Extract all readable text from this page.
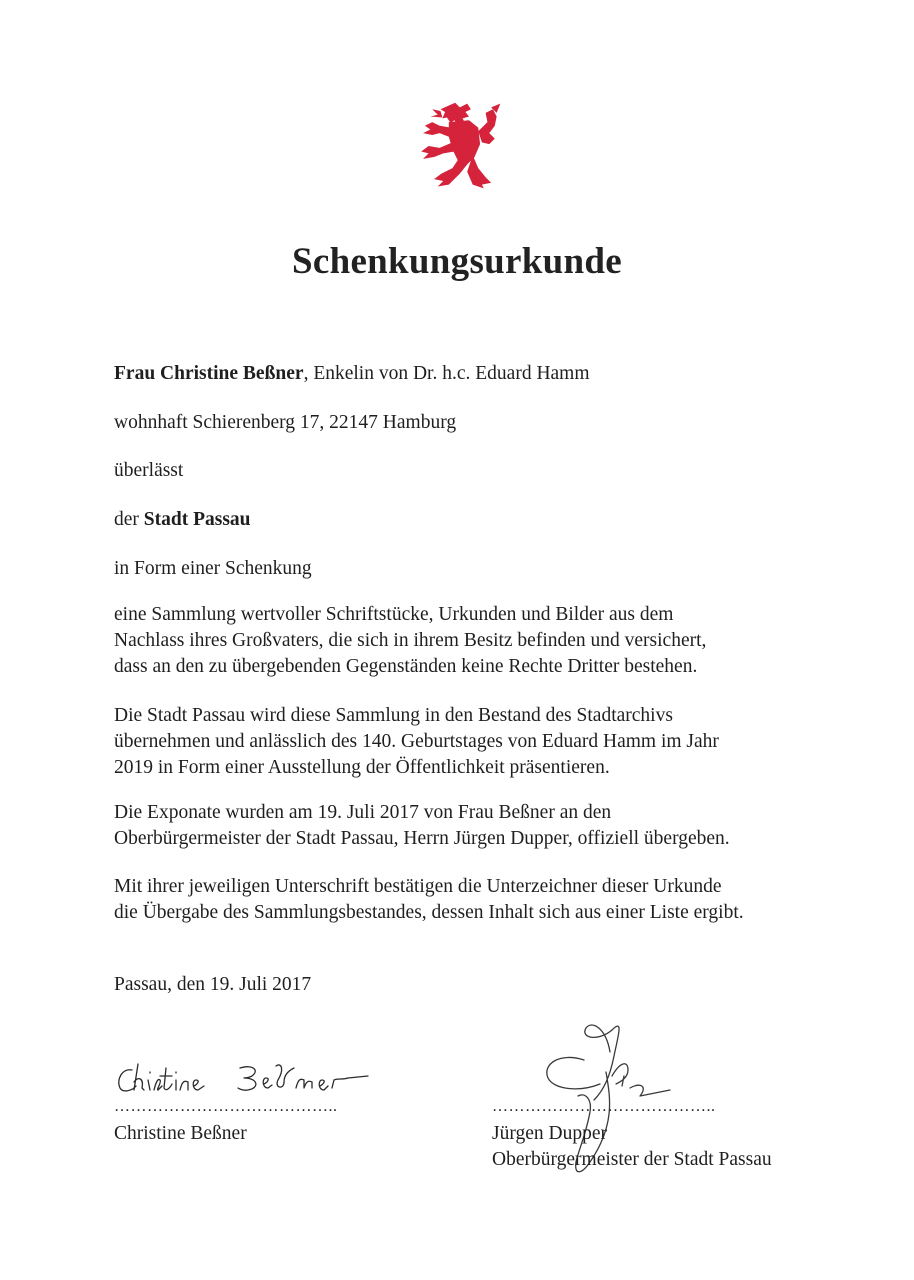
Schenkungsurkunde
Frau Christine Beßner, Enkelin von Dr. h.c. Eduard Hamm
wohnhaft Schierenberg 17, 22147 Hamburg
überlässt
der Stadt Passau
in Form einer Schenkung
eine Sammlung wertvoller Schriftstücke, Urkunden und Bilder aus dem
Nachlass ihres Großvaters, die sich in ihrem Besitz befinden und versichert,
dass an den zu übergebenden Gegenständen keine Rechte Dritter bestehen.
Die Stadt Passau wird diese Sammlung in den Bestand des Stadtarchivs
übernehmen und anlässlich des 140. Geburtstages von Eduard Hamm im Jahr
2019 in Form einer Ausstellung der Öffentlichkeit präsentieren.
Die Exponate wurden am 19. Juli 2017 von Frau Beßner an den
Oberbürgermeister der Stadt Passau, Herrn Jürgen Dupper, offiziell übergeben.
Mit ihrer jeweiligen Unterschrift bestätigen die Unterzeichner dieser Urkunde
die Übergabe des Sammlungsbestandes, dessen Inhalt sich aus einer Liste ergibt.
Passau, den 19. Juli 2017
…………………………………..
Christine Beßner
…………………………………..
Jürgen Dupper
Oberbürgermeister der Stadt Passau
